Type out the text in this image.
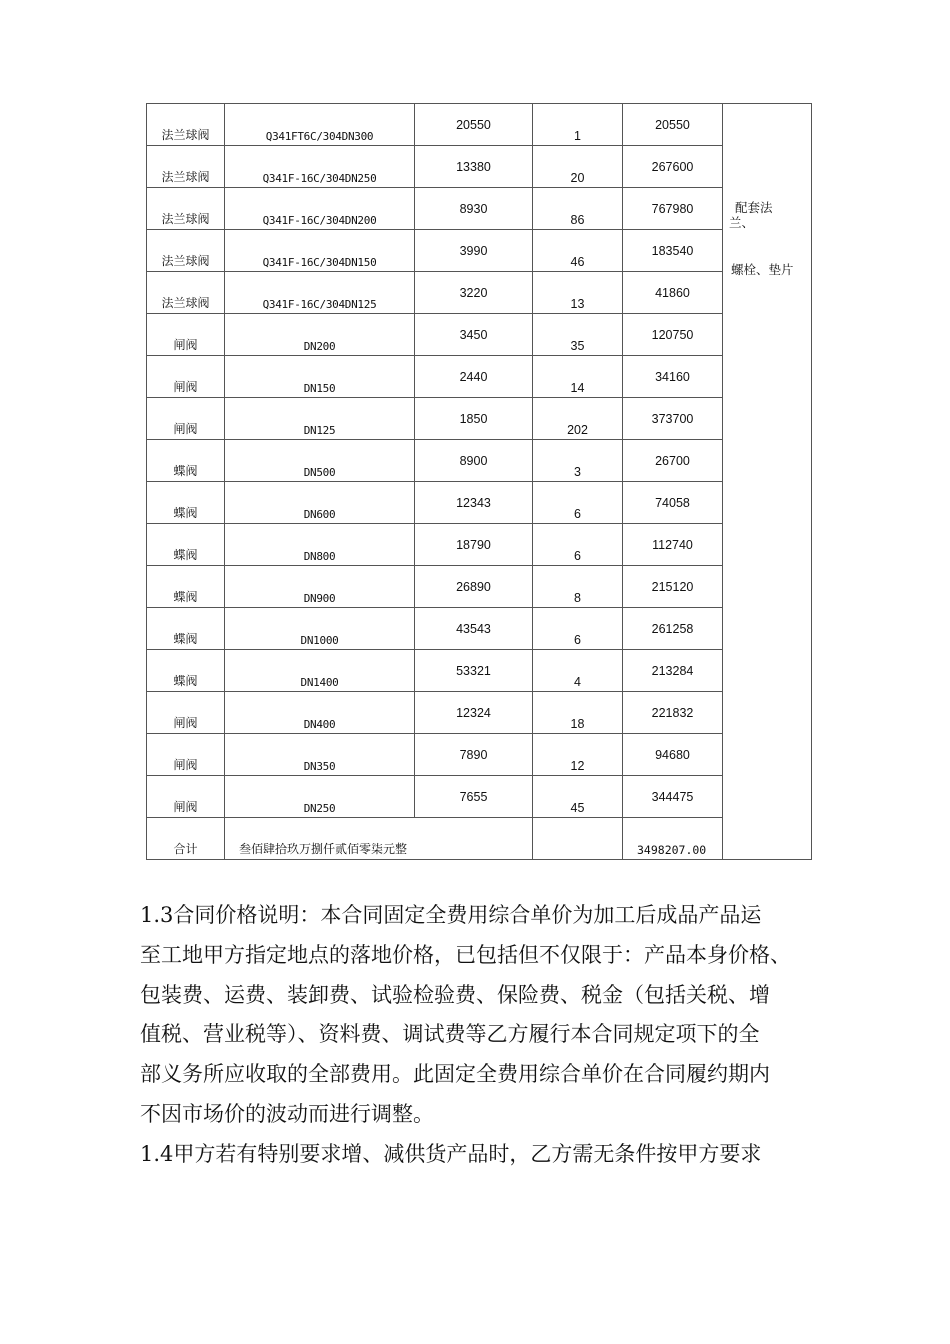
法兰球阀	Q341FT6C/304DN300	20550	1	20550	配套法
兰、
螺栓、垫片

法兰球阀	Q341F-16C/304DN250	13380	20	267600	

法兰球阀	Q341F-16C/304DN200	8930	86	767980	

法兰球阀	Q341F-16C/304DN150	3990	46	183540	

法兰球阀	Q341F-16C/304DN125	3220	13	41860	

闸阀	DN200	3450	35	120750	

闸阀	DN150	2440	14	34160	

闸阀	DN125	1850	202	373700	

蝶阀	DN500	8900	3	26700	

蝶阀	DN600	12343	6	74058	

蝶阀	DN800	18790	6	112740	

蝶阀	DN900	26890	8	215120	

蝶阀	DN1000	43543	6	261258	

蝶阀	DN1400	53321	4	213284	

闸阀	DN400	12324	18	221832	

闸阀	DN350	7890	12	94680	

闸阀	DN250	7655	45	344475	

合计	叁佰肆拾玖万捌仟贰佰零柒元整			3498207.00	

1.3合同价格说明：本合同固定全费用综合单价为加工后成品产品运

至工地甲方指定地点的落地价格，已包括但不仅限于：产品本身价格、

包装费、运费、装卸费、试验检验费、保险费、税金（包括关税、增

值税、营业税等）、资料费、调试费等乙方履行本合同规定项下的全

部义务所应收取的全部费用。此固定全费用综合单价在合同履约期内

不因市场价的波动而进行调整。

1.4甲方若有特别要求增、减供货产品时，乙方需无条件按甲方要求
